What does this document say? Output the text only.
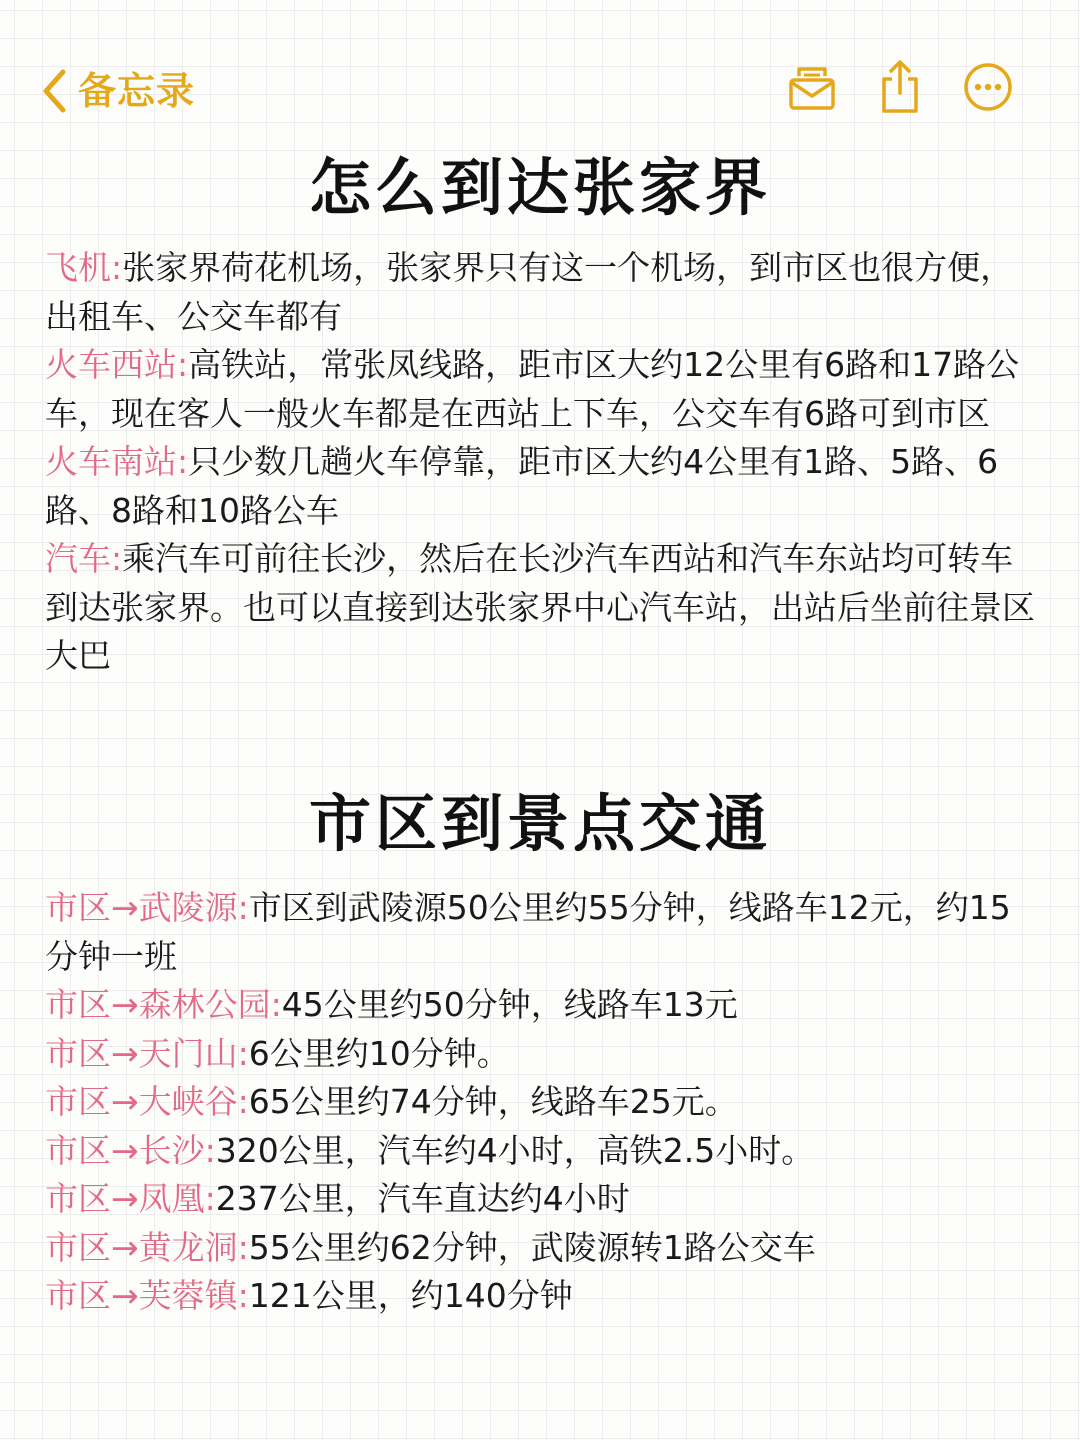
备忘录
怎么到达张家界

飞机:张家界荷花机场，张家界只有这一个机场，到市区也很方便，出租车、公交车都有

火车西站:高铁站，常张凤线路，距市区大约12公里有6路和17路公车，现在客人一般火车都是在西站上下车，公交车有6路可到市区

火车南站:只少数几趟火车停靠，距市区大约4公里有1路、5路、6路、8路和10路公车

汽车:乘汽车可前往长沙，然后在长沙汽车西站和汽车东站均可转车到达张家界。也可以直接到达张家界中心汽车站，出站后坐前往景区大巴

市区到景点交通

市区→武陵源:市区到武陵源50公里约55分钟，线路车12元，约15分钟一班

市区→森林公园:45公里约50分钟，线路车13元

市区→天门山:6公里约10分钟。

市区→大峡谷:65公里约74分钟，线路车25元。

市区→长沙:320公里，汽车约4小时，高铁2.5小时。

市区→凤凰:237公里，汽车直达约4小时

市区→黄龙洞:55公里约62分钟，武陵源转1路公交车

市区→芙蓉镇:121公里，约140分钟
